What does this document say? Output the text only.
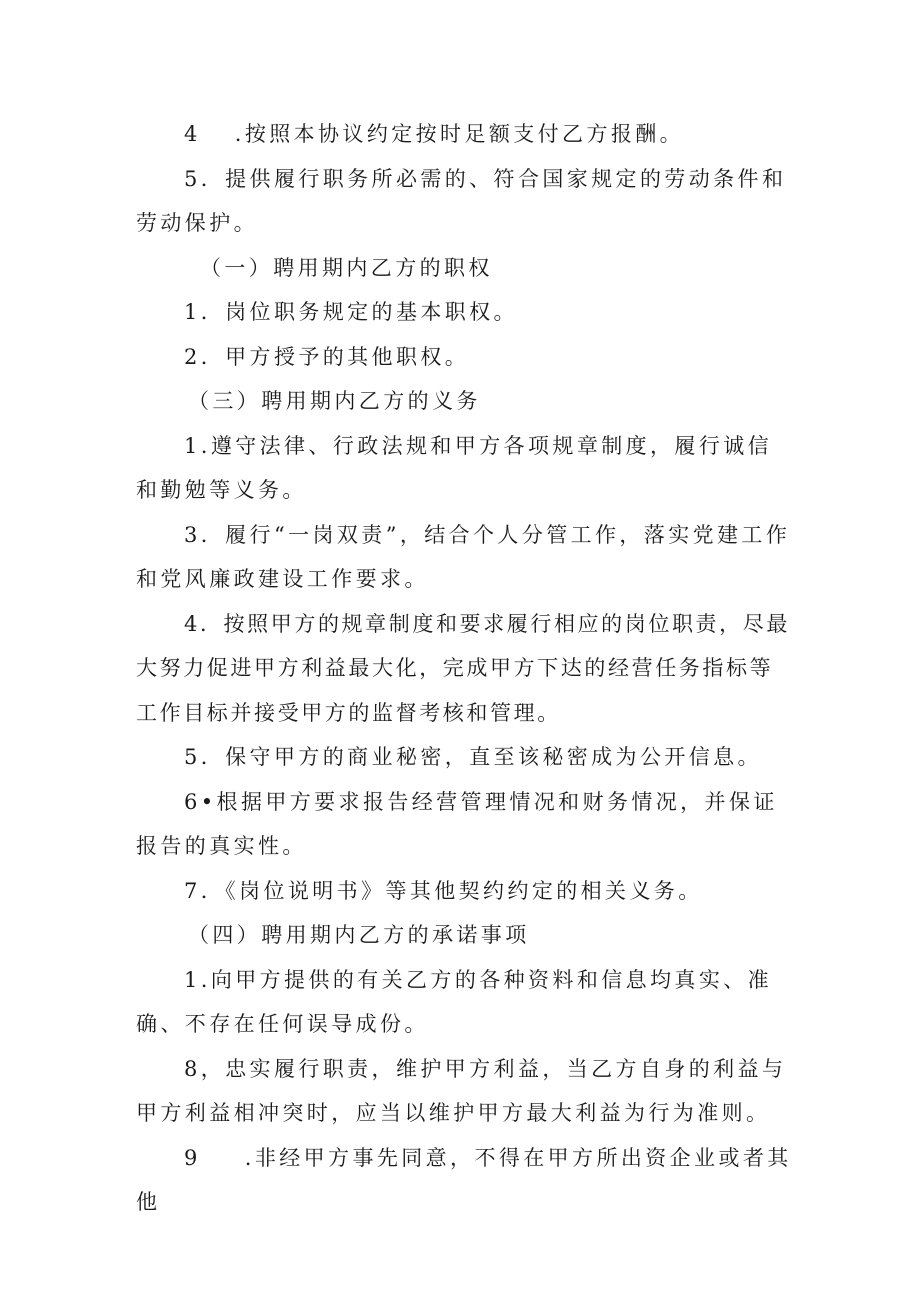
4 .按照本协议约定按时足额支付乙方报酬。

5．提供履行职务所必需的、符合国家规定的劳动条件和劳动保护。

（一）聘用期内乙方的职权

1．岗位职务规定的基本职权。

2．甲方授予的其他职权。

（三）聘用期内乙方的义务

1.遵守法律、行政法规和甲方各项规章制度，履行诚信和勤勉等义务。

3．履行“一岗双责”，结合个人分管工作，落实党建工作和党风廉政建设工作要求。

4．按照甲方的规章制度和要求履行相应的岗位职责，尽最大努力促进甲方利益最大化，完成甲方下达的经营任务指标等工作目标并接受甲方的监督考核和管理。

5．保守甲方的商业秘密，直至该秘密成为公开信息。

6•根据甲方要求报告经营管理情况和财务情况，并保证报告的真实性。

7．《岗位说明书》等其他契约约定的相关义务。

（四）聘用期内乙方的承诺事项

1.向甲方提供的有关乙方的各种资料和信息均真实、准确、不存在任何误导成份。

8，忠实履行职责，维护甲方利益，当乙方自身的利益与甲方利益相冲突时，应当以维护甲方最大利益为行为准则。

9 .非经甲方事先同意，不得在甲方所出资企业或者其他
